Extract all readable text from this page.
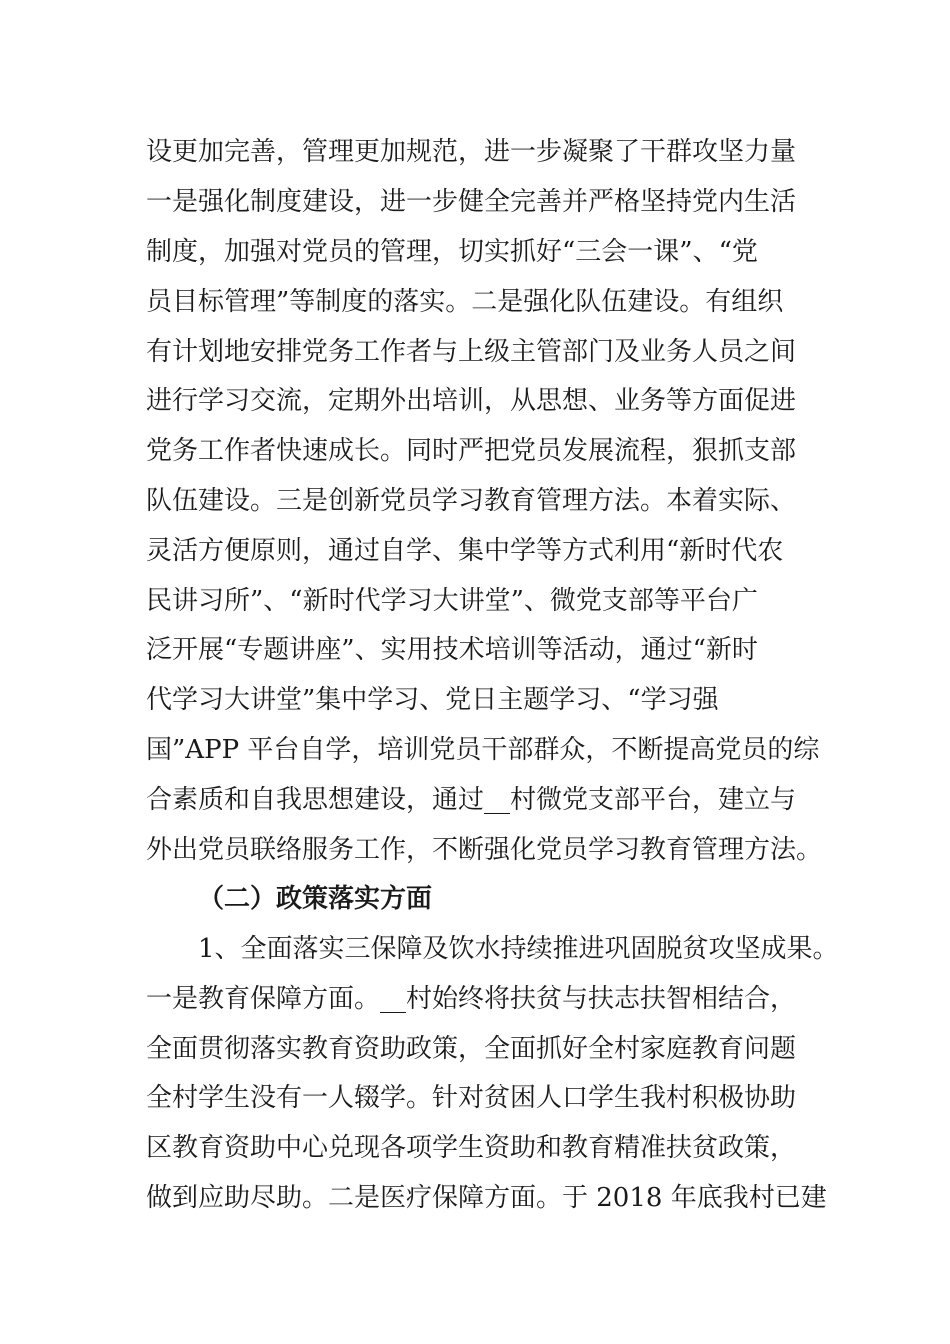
设更加完善，管理更加规范，进一步凝聚了干群攻坚力量
一是强化制度建设，进一步健全完善并严格坚持党内生活
制度，加强对党员的管理，切实抓好“三会一课”、“党
员目标管理”等制度的落实。二是强化队伍建设。有组织
有计划地安排党务工作者与上级主管部门及业务人员之间
进行学习交流，定期外出培训，从思想、业务等方面促进
党务工作者快速成长。同时严把党员发展流程，狠抓支部
队伍建设。三是创新党员学习教育管理方法。本着实际、
灵活方便原则，通过自学、集中学等方式利用“新时代农
民讲习所”、“新时代学习大讲堂”、微党支部等平台广
泛开展“专题讲座”、实用技术培训等活动，通过“新时
代学习大讲堂”集中学习、党日主题学习、“学习强
国”APP 平台自学，培训党员干部群众，不断提高党员的综
合素质和自我思想建设，通过__村微党支部平台，建立与
外出党员联络服务工作，不断强化党员学习教育管理方法。
（二）政策落实方面
1、全面落实三保障及饮水持续推进巩固脱贫攻坚成果。
一是教育保障方面。__村始终将扶贫与扶志扶智相结合，
全面贯彻落实教育资助政策，全面抓好全村家庭教育问题
全村学生没有一人辍学。针对贫困人口学生我村积极协助
区教育资助中心兑现各项学生资助和教育精准扶贫政策，
做到应助尽助。二是医疗保障方面。于 2018 年底我村已建
